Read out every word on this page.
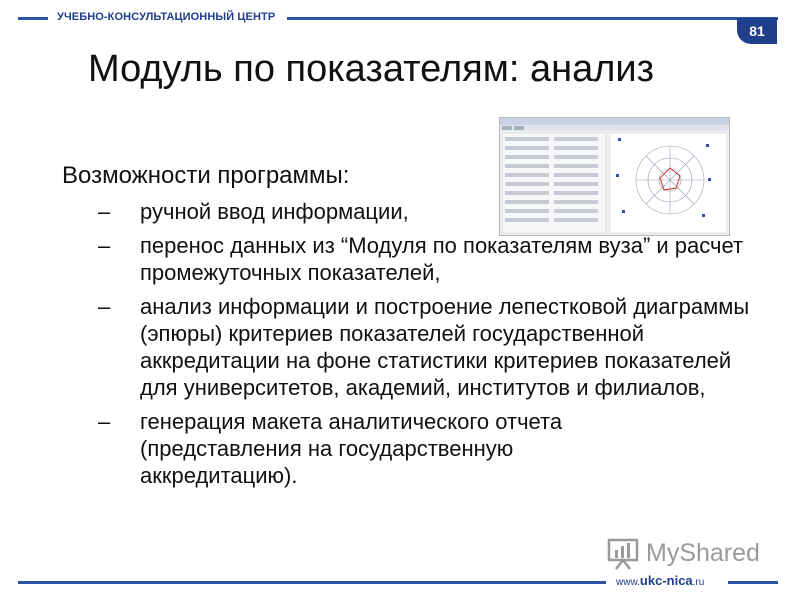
УЧЕБНО-КОНСУЛЬТАЦИОННЫЙ ЦЕНТР
81
Модуль по показателям: анализ
Возможности программы:
–	ручной ввод информации,
–	перенос данных из “Модуля по показателям вуза” и расчет промежуточных показателей,
–	анализ информации и построение лепестковой диаграммы (эпюры) критериев показателей государственной аккредитации на фоне статистики критериев показателей для университетов, академий, институтов и филиалов,
–	генерация макета аналитического отчета (представления на государственную аккредитацию).
MyShared
www.ukc-nica.ru
